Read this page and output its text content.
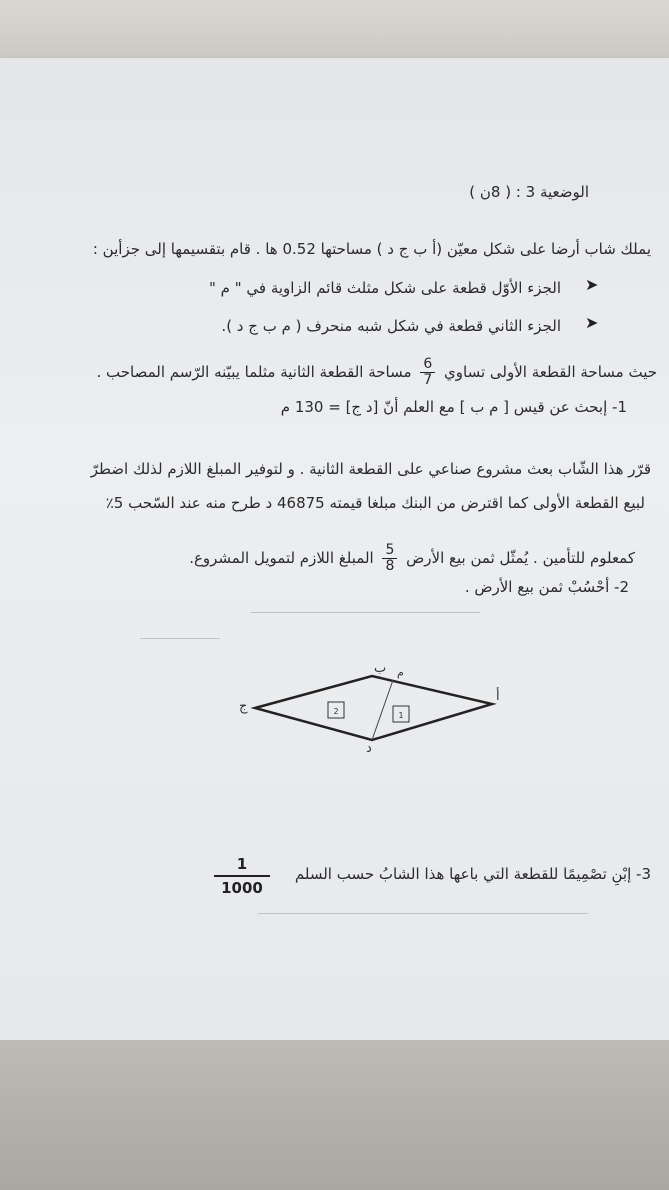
الوضعية 3 : ( 8ن )
يملك شاب أرضا على شكل معيّن (أ ب ج د ) مساحتها 0.52 ها . قام بتقسيمها إلى جزأين :
➤
الجزء الأوّل قطعة على شكل مثلث قائم الزاوية في " م "
➤
الجزء الثاني قطعة في شكل شبه منحرف ( م ب ج د ).
حيث مساحة القطعة الأولى تساوي
$\frac{6}{7}$
مساحة القطعة الثانية مثلما يبيّنه الرّسم المصاحب .
1- إبحث عن قيس [ م ب ] مع العلم أنّ [د ج] = 130 م
قرّر هذا الشّاب بعث مشروع صناعي على القطعة الثانية . و لتوفير المبلغ اللازم لذلك اضطرّ
لبيع القطعة الأولى كما اقترض من البنك مبلغا قيمته 46875 د طرح منه عند السّحب 5٪
كمعلوم للتأمين . يُمثّل ثمن بيع الأرض
$\frac{5}{8}$
المبلغ اللازم لتمويل المشروع.
2- أحْسُبْ ثمن بيع الأرض .
2	1
ج
ب م
أ
د
$\frac{1}{1000} 3-$ إبْنِ تصْمِيمًا للقطعة التي باعها هذا الشابُ حسب السلم
